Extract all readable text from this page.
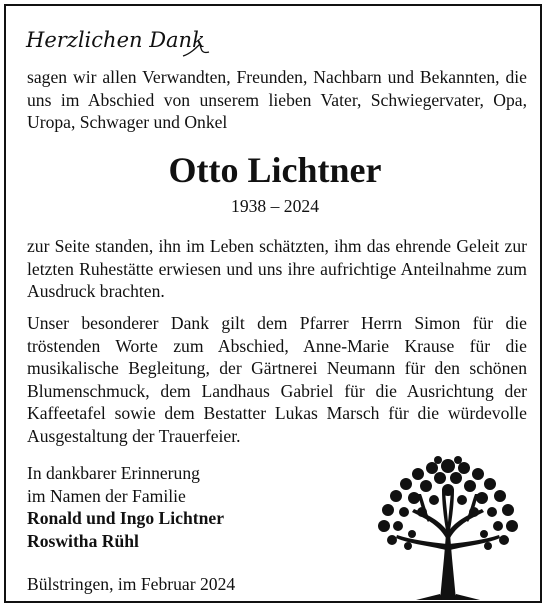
Herzlichen Dank
sagen wir allen Verwandten, Freunden, Nachbarn und Bekannten, die uns im Abschied von unserem lieben Vater, Schwiegervater, Opa, Uropa, Schwager und Onkel
Otto Lichtner
1938 – 2024
zur Seite standen, ihn im Leben schätzten, ihm das ehrende Geleit zur letzten Ruhestätte erwiesen und uns ihre aufrichtige Anteilnahme zum Ausdruck brachten.
Unser besonderer Dank gilt dem Pfarrer Herrn Simon für die tröstenden Worte zum Abschied, Anne-Marie Krause für die musikalische Begleitung, der Gärtnerei Neumann für den schönen Blumenschmuck, dem Landhaus Gabriel für die Ausrichtung der Kaffeetafel sowie dem Bestatter Lukas Marsch für die würdevolle Ausgestaltung der Trauerfeier.
In dankbarer Erinnerung
im Namen der Familie
Ronald und Ingo Lichtner
Roswitha Rühl
Bülstringen, im Februar 2024
